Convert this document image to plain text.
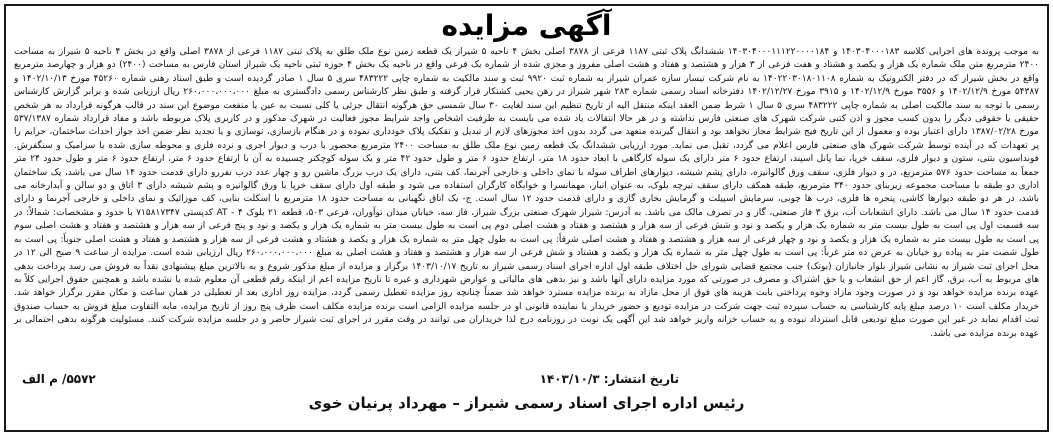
آگهی مزایده

به موجب پرونده های اجرایی کلاسه ۱۴۰۳۰۴۰۰۰۱۸۳ و ۱۴۰۳۰۴۰۰۰۱۱۱۲۲۰۰۰۰۱۸۴ ششدانگ پلاک ثبتی ۱۱۸۷ فرعی از ۳۸۷۸ اصلی بخش ۴ ناحیه ۵ شیراز یک قطعه زمین نوع ملک طلق به پلاک ثبتی ۱۱۸۷ فرعی از ۳۸۷۸ اصلی واقع در بخش ۴ ناحیه ۵ شیراز به مساحت ۲۴۰۰ مترمربع متن ملک شماره یک هزار و یکصد و هشتاد و هفت فرعی از ۳ هزار و هشتصد و هفتاد و هشت اصلی مفروز و مجزی شده از شماره یک فرعی واقع در ناحیه یک بخش ۴ حوزه ثبتی ناحیه یک شیراز استان فارس به مساحت (۲۴۰۰) دو هزار و چهارصد مترمربع واقع در بخش شیراز که در دفتر الکترونیک به شماره ۱۴۰۲۲۰۳۰۱۸۰۱۱۰۸ به نام شرکت تیسار سازه عمران شیراز به شماره ثبت ۹۹۲۰ ثبت و سند مالکیت به شماره چاپی ۴۸۳۲۲۲ سری ۵ سال ۱ صادر گردیده است و طبق اسناد رهنی شماره ۴۵۲۶۰ مورخ ۱۴۰۲/۱۰/۱۳ و ۵۴۳۸۷ مورخ ۱۴۰۲/۱۲/۹ و ۳۵۵۶ مورخ ۱۴۰۲/۱۲/۹ و ۳۹۱۵ مورخ ۱۴۰۲/۱۲/۲۷ دفترخانه اسناد رسمی شماره ۲۸۳ شهر شیراز در رهن یحیی کشتکار قرار گرفته و طبق نظر کارشناس رسمی دادگستری به مبلغ ۲۶۰،۰۰۰،۰۰۰،۰۰۰ ریال ارزیابی شده و برابر گزارش کارشناس رسمی با توجه به سند مالکیت اصلی به شماره چاپی ۴۸۳۲۲۲ سری ۵ سال ۱ شرط ضمن العقد اینکه منتقل الیه از تاریخ تنظیم این سند لغایت ۳۰ سال شمسی حق هرگونه انتقال جزئی یا کلی نسبت به عین یا منفعت موضوع این سند در قالب هرگونه قرارداد به هر شخص حقیقی یا حقوقی دیگر را بدون کسب مجوز و اذن کتبی شرکت شهرک های صنعتی فارس نداشته و در هر حالا انتقالات یاد شده می بایست به ظرفیت اشخاص واجد شرایط مجوز فعالیت در شهرک مذکور و در کاربری پلاک مربوطه باشد و مفاد قرارداد شماره ۵۳۷/۱۳۸۷ مورخ ۱۳۸۷/۰۲/۲۸ دارای اعتبار بوده و معمول از این تاریخ فیج شرایط مجاز نخواهد بود و انتقال گیرنده متعهد می گردد بدون اخذ مجوزهای لازم از تبدیل و تفکیک پلاک خودداری نموده و در هنگام بازسازی، نوسازی و یا تجدید نظر ضمن اخذ جواز احداث ساختمان، حرایم را پر تعهدات که در آینده توسط شرکت شهرک های صنعتی فارس اعلام می گردد، تقبل می نماید. مورد ارزیابی ششدانگ یک قطعه زمین نوع ملک طلق به مساحت ۲۴۰۰ مترمربع محصور با درب و دیوار اجری و نرده فلزی و محوطه سازی شده با سرامیک و سنگفرش. فونداسیون بتنی، ستون و دیوار فلزی، سقف خرپا، نما پانل اسپند، ارتفاع حدود ۶ متر دارای یک سوله کارگاهی با ابعاد حدود ۱۸ متر، ارتفاع حدود ۶ متر و طول حدود ۴۲ متر و یک سوله کوچکتر چسبیده به آن با ارتفاع حدود ۶ متر، ارتفاع حدود ۶ متر و طول حدود ۲۴ متر جمعاً به مساحت حدود ۵۷۶ مترمربع، در و دیوار فلزی، سقف ورق گالوانیزه، دارای پشم شیشه، دیوارهای اطراف سوله با نمای داخلی و خارجی آجرنما، کف بتنی، دارای یک درب بزرگ ماشین رو و چهار عدد درب نفررو دارای قدمت حدود ۱۴ سال می باشد، یک ساختمان اداری دو طبقه با مساحت مجموعه زیربنای حدود ۳۴۰ مترمربع، طبقه همکف دارای سقف تیرچه بلوک، به عنوان انبار، مهمانسرا و خوابگاه کارگران استفاده می شود و طبقه اول دارای سقف خرپا با ورق گالوانیزه و پشم شیشه دارای ۳ اتاق و دو سالن و آبدارخانه می باشد، در هر دو طبقه دیوارها کاشی، پنجره ها فلزی، درب ها چوبی، سرمایش اسپیلت و گرمایش بخاری گازی و دارای قدمت حدود ۱۲ سال است. ج- یک اتاق نگهبانی به مساحت حدود ۱۸ مترمربع با اسکلت بنایی، کف موزائیک و نمای داخلی و خارجی آجرنما و دارای قدمت حدود ۱۴ سال می باشد. دارای انشعابات آب، برق ۳ فاز صنعتی، گاز و در تصرف مالک می باشد. به آدرس: شیراز شهرک صنعتی بزرگ شیراز، فاز سه، خیابان میدان نوآوران، فرعی ۵۰۳، قطعه ۲۱ بلوک ۴ - AT کدپستی ۷۱۵۸۱۷۳۴۷ با حدود و مشخصات: شمالاً: در سه قسمت اول پی است به طول بیست متر به شماره یک هزار و یکصد و نود و شش فرعی از سه هزار و هشتصد و هفتاد و هشت اصلی دوم پی است به طول بیست متر به شماره یک هزار و یکصد و نود و پنج فرعی از سه هزار و هشتصد و هفتاد و هشت اصلی سوم پی است به طول بیست متر به شماره یک هزار و یکصد و نود و چهار فرعی از سه هزار و هشتصد و هفتاد و هشت اصلی شرقاً: پی است به طول چهل متر به شماره یک هزار و یکصد و هشتاد و هشت فرعی از سه هزار و هشتصد و هفتاد و هشت اصلی جنوباً: پی است به طول شصت متر به پیاده رو خیابان به عرض ده متر غرباً: پی است به طول چهل متر به شماره یک هزار و یکصد و هشتاد و شش فرعی از سه هزار و هشتصد و هفتاد و هشت اصلی به مبلغ ۲۶۰،۰۰۰،۰۰۰،۰۰۰ ریال ارزیابی شده است. مزایده از ساعت ۹ صبح الی ۱۲ در محل اجرای ثبت شیراز به نشانی شیراز بلوار جانبازان (بوتک) جنب مجتمع قضایی شورای حل اختلاف طبقه اول اداره اجرای اسناد رسمی شیراز به تاریخ ۱۴۰۳/۱۰/۱۷ برگزار و مزایده از مبلغ مذکور شروع و به بالاترین مبلغ پیشنهادی نقداً به فروش می رسد پرداخت بدهی های مربوط به آب، برق، گاز اعم از حق انشعاب و یا حق اشتراک و مصرف در صورتی که مورد مزایده دارای آنها باشد و نیز بدهی های مالیاتی و عوارض شهرداری و غیره تا تاریخ مزایده اعم از اینکه رقم قطعی آن معلوم شده یا نشده باشد و همچنین حقوق اجرایی کلاً به عهده برنده مزایده خواهد بود و در صورت وجود مازاد وجوه پرداختی بابت هزینه های فوق از محل مازاد به برنده مزایده مسترد خواهد شد ضمناً چنانچه روز مزایده تعطیل رسمی گردد، مزایده روز اداری بعد از تعطیلی در همان ساعت و مکان مقرر برگزار خواهد شد. خریدار مکلف است ۱۰ درصد مبلغ پایه کارشناسی به حساب سپرده ثبت جهت شرکت در مزایده تودیع و حضور خریدار یا نماینده قانونی او در جلسه مزایده الزامی است برنده مزایده مکلف است ظرف پنج روز از تاریخ مزایده، مابه التفاوت مبلغ فروش به حساب صندوق ثبت اقدام نماید در غیر این صورت مبلغ تودیعی قابل استرداد نبوده و به حساب خزانه واریز خواهد شد این آگهی یک نوبت در روزنامه درج لذا خریداران می توانند در وقت مقرر در اجرای ثبت شیراز حاضر و در جلسه مزایده شرکت کنند. مسئولیت هرگونه بدهی احتمالی بر عهده برنده مزایده می باشد.

تاریخ انتشار: ۱۴۰۳/۱۰/۳
۵۵۷۲/ م الف
رئیس اداره اجرای اسناد رسمی شیراز – مهرداد پرنیان خوی
